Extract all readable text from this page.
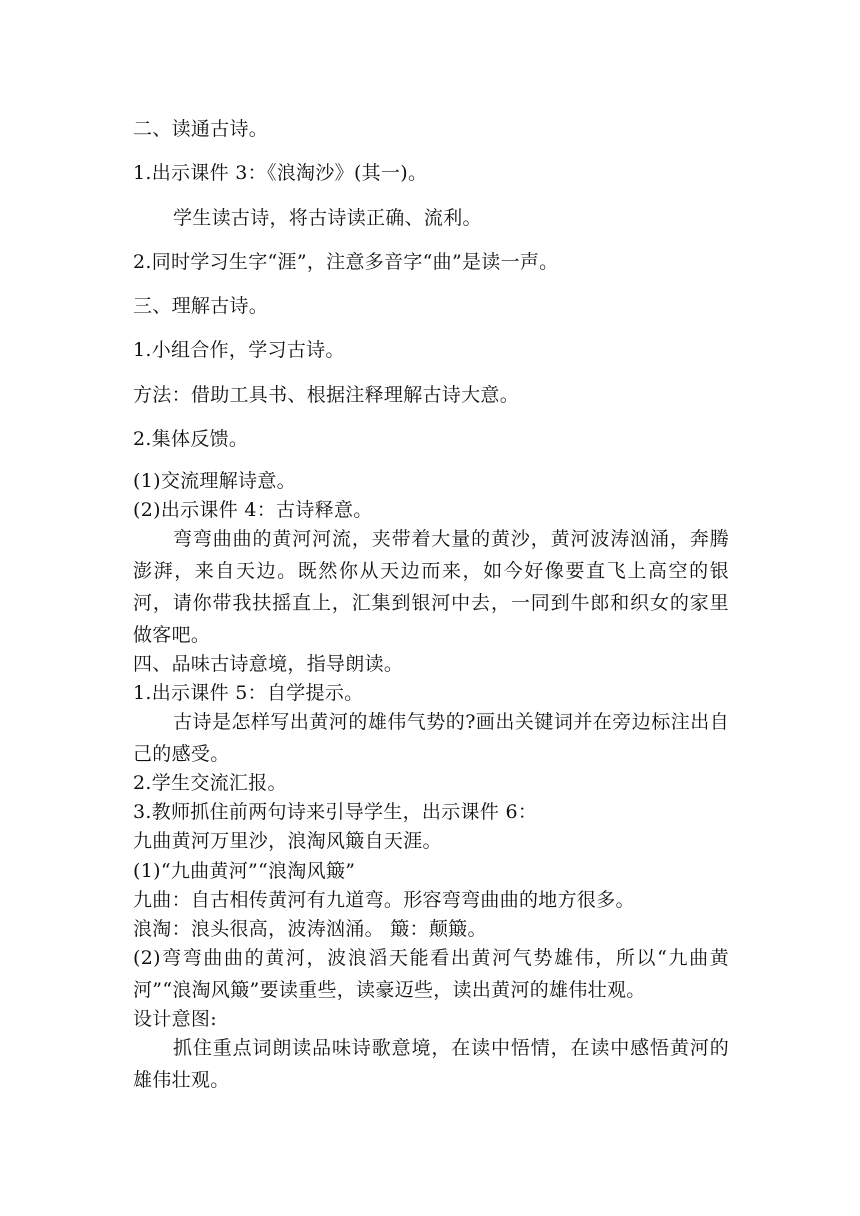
二、读通古诗。
1.出示课件 3：《浪淘沙》(其一)。
学生读古诗，将古诗读正确、流利。
2.同时学习生字“涯”，注意多音字“曲”是读一声。
三、理解古诗。
1.小组合作，学习古诗。
方法：借助工具书、根据注释理解古诗大意。
2.集体反馈。
(1)交流理解诗意。
(2)出示课件 4：古诗释意。
弯弯曲曲的黄河河流，夹带着大量的黄沙，黄河波涛汹涌，奔腾澎湃，来自天边。既然你从天边而来，如今好像要直飞上高空的银河，请你带我扶摇直上，汇集到银河中去，一同到牛郎和织女的家里做客吧。
四、品味古诗意境，指导朗读。
1.出示课件 5：自学提示。
古诗是怎样写出黄河的雄伟气势的?画出关键词并在旁边标注出自己的感受。
2.学生交流汇报。
3.教师抓住前两句诗来引导学生，出示课件 6：
九曲黄河万里沙，浪淘风簸自天涯。
(1)“九曲黄河”“浪淘风簸”
九曲：自古相传黄河有九道弯。形容弯弯曲曲的地方很多。
浪淘：浪头很高，波涛汹涌。 簸：颠簸。
(2)弯弯曲曲的黄河，波浪滔天能看出黄河气势雄伟，所以“九曲黄河”“浪淘风簸”要读重些，读豪迈些，读出黄河的雄伟壮观。
设计意图:
抓住重点词朗读品味诗歌意境，在读中悟情，在读中感悟黄河的雄伟壮观。
